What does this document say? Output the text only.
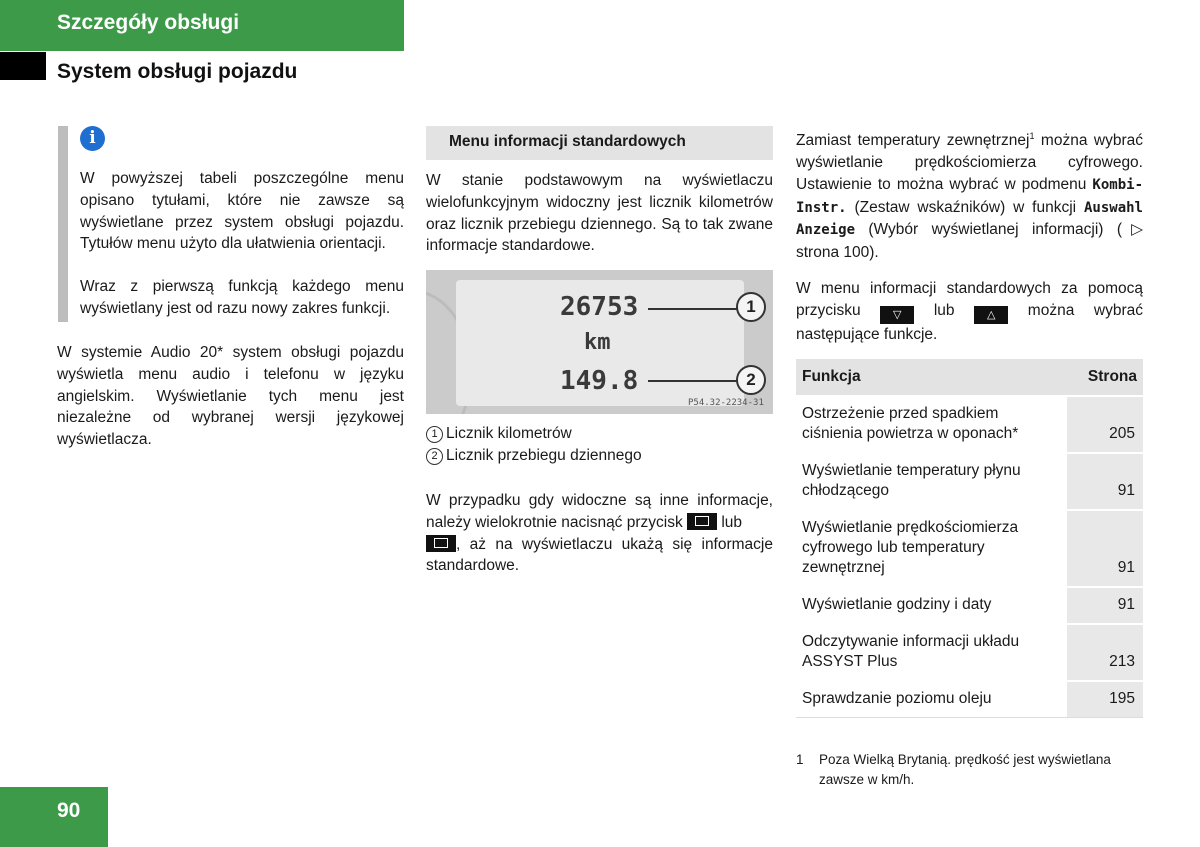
Szczegóły obsługi
System obsługi pojazdu
i
W powyższej tabeli poszczególne menu opisano tytułami, które nie zawsze są wyświetlane przez system obsługi pojazdu. Tytułów menu użyto dla ułatwienia orientacji.
Wraz z pierwszą funkcją każdego menu wyświetlany jest od razu nowy zakres funkcji.
W systemie Audio 20* system obsługi pojazdu wyświetla menu audio i telefonu w języku angielskim. Wyświetlanie tych menu jest niezależne od wybranej wersji językowej wyświetlacza.
Menu informacji standardowych
W stanie podstawowym na wyświetlaczu wielofunkcyjnym widoczny jest licznik kilometrów oraz licznik przebiegu dziennego. Są to tak zwane informacje standardowe.
26753
km
149.8
1
2
P54.32-2234-31
1 Licznik kilometrów
2 Licznik przebiegu dziennego
W przypadku gdy widoczne są inne informacje, należy wielokrotnie nacisnąć przycisk lub

, aż na wyświetlaczu ukażą się informacje standardowe.
Zamiast temperatury zewnętrznej$^1$ można wybrać wyświetlanie prędkościomierza cyfrowego. Ustawienie to można wybrać w podmenu Kombi-Instr. (Zestaw wskaźników) w funkcji Auswahl Anzeige (Wybór wyświetlanej informacji) (▷ strona 100).
W menu informacji standardowych za pomocą przycisku	▽ lub	△ można wybrać następujące funkcje.
Funkcja	Strona
Ostrzeżenie przed spadkiem ciśnienia powietrza w oponach*	205
Wyświetlanie temperatury płynu chłodzącego	91
Wyświetlanie prędkościomierza cyfrowego lub temperatury zewnętrznej	91
Wyświetlanie godziny i daty	91
Odczytywanie informacji układu ASSYST Plus	213
Sprawdzanie poziomu oleju	195
1 Poza Wielką Brytanią. prędkość jest wyświetlana zawsze w km/h.
90
